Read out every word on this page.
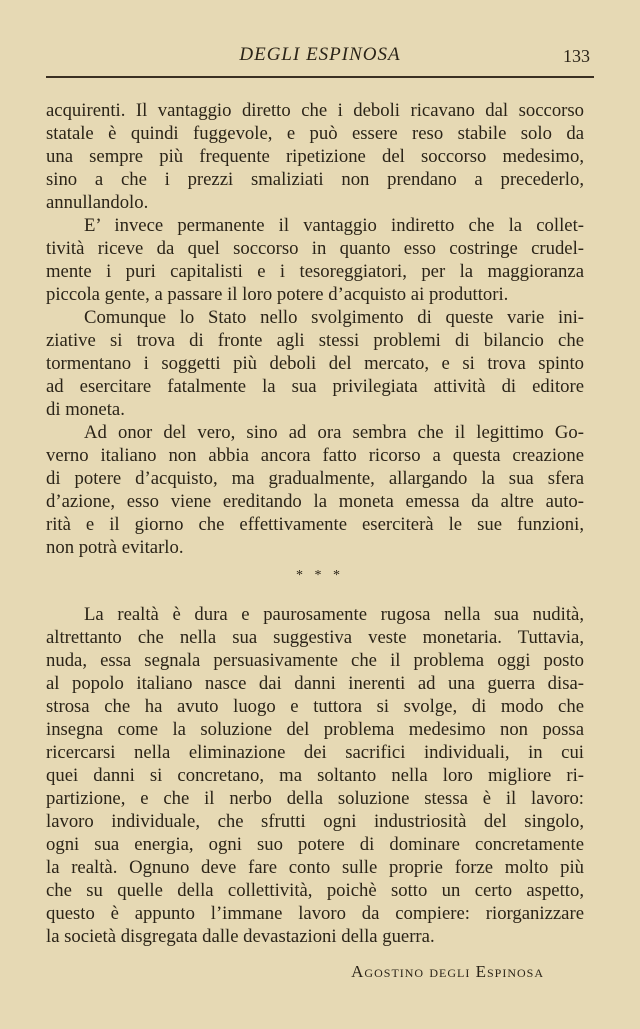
DEGLI ESPINOSA	133
acquirenti. Il vantaggio diretto che i deboli ricavano dal soccorso
statale è quindi fuggevole, e può essere reso stabile solo da
una sempre più frequente ripetizione del soccorso medesimo,
sino a che i prezzi smaliziati non prendano a precederlo,
annullandolo.
E’ invece permanente il vantaggio indiretto che la collet-
tività riceve da quel soccorso in quanto esso costringe crudel-
mente i puri capitalisti e i tesoreggiatori, per la maggioranza
piccola gente, a passare il loro potere d’acquisto ai produttori.
Comunque lo Stato nello svolgimento di queste varie ini-
ziative si trova di fronte agli stessi problemi di bilancio che
tormentano i soggetti più deboli del mercato, e si trova spinto
ad esercitare fatalmente la sua privilegiata attività di editore
di moneta.
Ad onor del vero, sino ad ora sembra che il legittimo Go-
verno italiano non abbia ancora fatto ricorso a questa creazione
di potere d’acquisto, ma gradualmente, allargando la sua sfera
d’azione, esso viene ereditando la moneta emessa da altre auto-
rità e il giorno che effettivamente eserciterà le sue funzioni,
non potrà evitarlo.
* * *
La realtà è dura e paurosamente rugosa nella sua nudità,
altrettanto che nella sua suggestiva veste monetaria. Tuttavia,
nuda, essa segnala persuasivamente che il problema oggi posto
al popolo italiano nasce dai danni inerenti ad una guerra disa-
strosa che ha avuto luogo e tuttora si svolge, di modo che
insegna come la soluzione del problema medesimo non possa
ricercarsi nella eliminazione dei sacrifici individuali, in cui
quei danni si concretano, ma soltanto nella loro migliore ri-
partizione, e che il nerbo della soluzione stessa è il lavoro:
lavoro individuale, che sfrutti ogni industriosità del singolo,
ogni sua energia, ogni suo potere di dominare concretamente
la realtà. Ognuno deve fare conto sulle proprie forze molto più
che su quelle della collettività, poichè sotto un certo aspetto,
questo è appunto l’immane lavoro da compiere: riorganizzare
la società disgregata dalle devastazioni della guerra.
Agostino degli Espinosa
